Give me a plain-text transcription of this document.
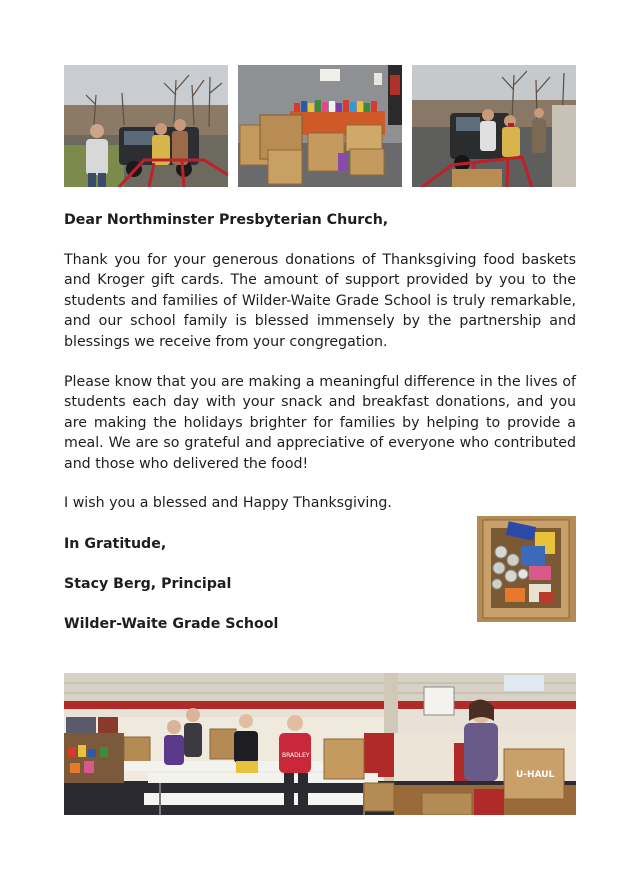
Dear Northminster Presbyterian Church,

Thank you for your generous donations of Thanksgiving food baskets and Kroger gift cards. The amount of support provided by you to the students and families of Wilder-Waite Grade School is truly remarkable, and our school family is blessed immensely by the partnership and blessings we receive from your congregation.

Please know that you are making a meaningful difference in the lives of students each day with your snack and breakfast donations, and you are making the holidays brighter for families by helping to provide a meal. We are so grateful and appreciative of everyone who contributed and those who delivered the food!

I wish you a blessed and Happy Thanksgiving.
In Gratitude,
Stacy Berg, Principal
Wilder-Waite Grade School
BRADLEY
U-HAUL
